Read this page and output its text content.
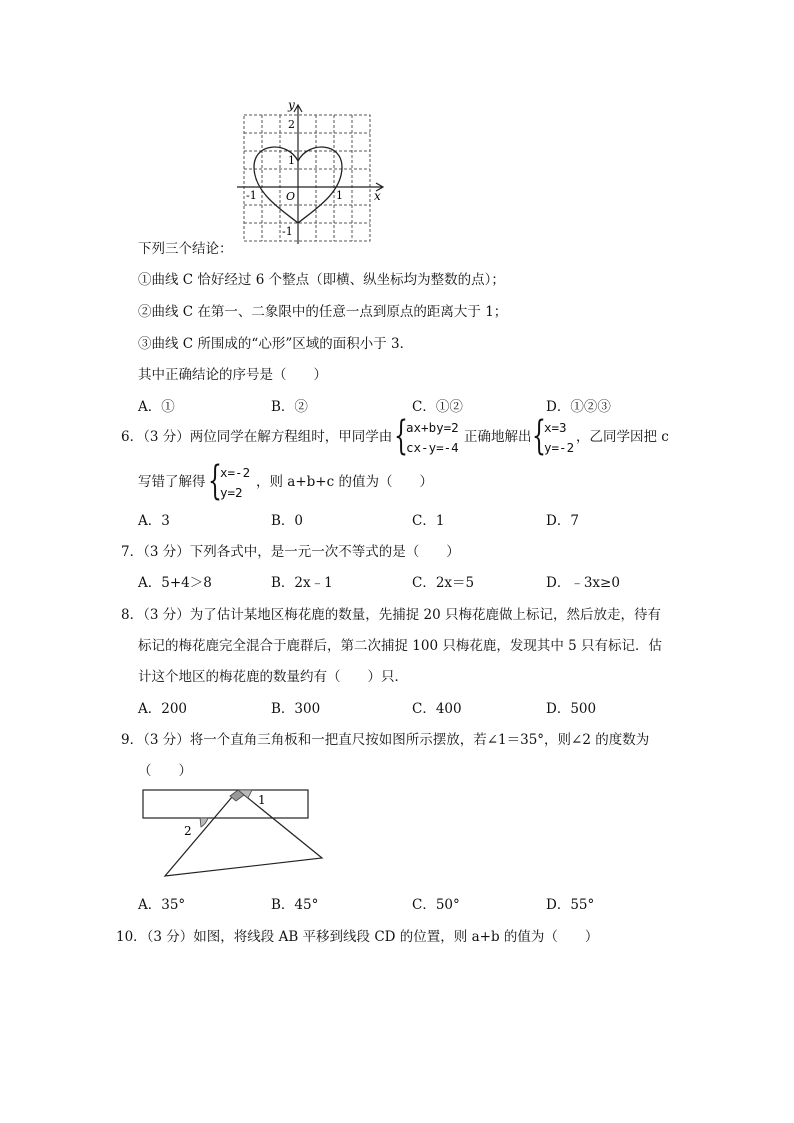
y
x
2
1
-1
-1	1
O
下列三个结论：
①曲线 C 恰好经过 6 个整点（即横、纵坐标均为整数的点）；
②曲线 C 在第一、二象限中的任意一点到原点的距离大于 1；
③曲线 C 所围成的“心形”区域的面积小于 3．
其中正确结论的序号是（　　）
A．①	B．②	C．①②	D．①②③
6．（3 分）两位同学在解方程组时，甲同学由 {
ax+by=2
cx-y=-4
正确地解出 {
x=3
y=-2
，乙同学因把 c
写错了解得 {
x=-2
y=2
，则 a+b+c 的值为（　　）
A．3	B．0	C．1	D．7
7．（3 分）下列各式中，是一元一次不等式的是（　　）
A．5+4＞8	B．2x﹣1	C．2x＝5	D．﹣3x≥0
8．（3 分）为了估计某地区梅花鹿的数量，先捕捉 20 只梅花鹿做上标记，然后放走，待有
标记的梅花鹿完全混合于鹿群后，第二次捕捉 100 只梅花鹿，发现其中 5 只有标记．估
计这个地区的梅花鹿的数量约有（　　）只．
A．200	B．300	C．400	D．500
9．（3 分）将一个直角三角板和一把直尺按如图所示摆放，若∠1＝35°，则∠2 的度数为
（　　）
1
2
A．35°	B．45°	C．50°	D．55°
10．（3 分）如图，将线段 AB 平移到线段 CD 的位置，则 a+b 的值为（　　）
